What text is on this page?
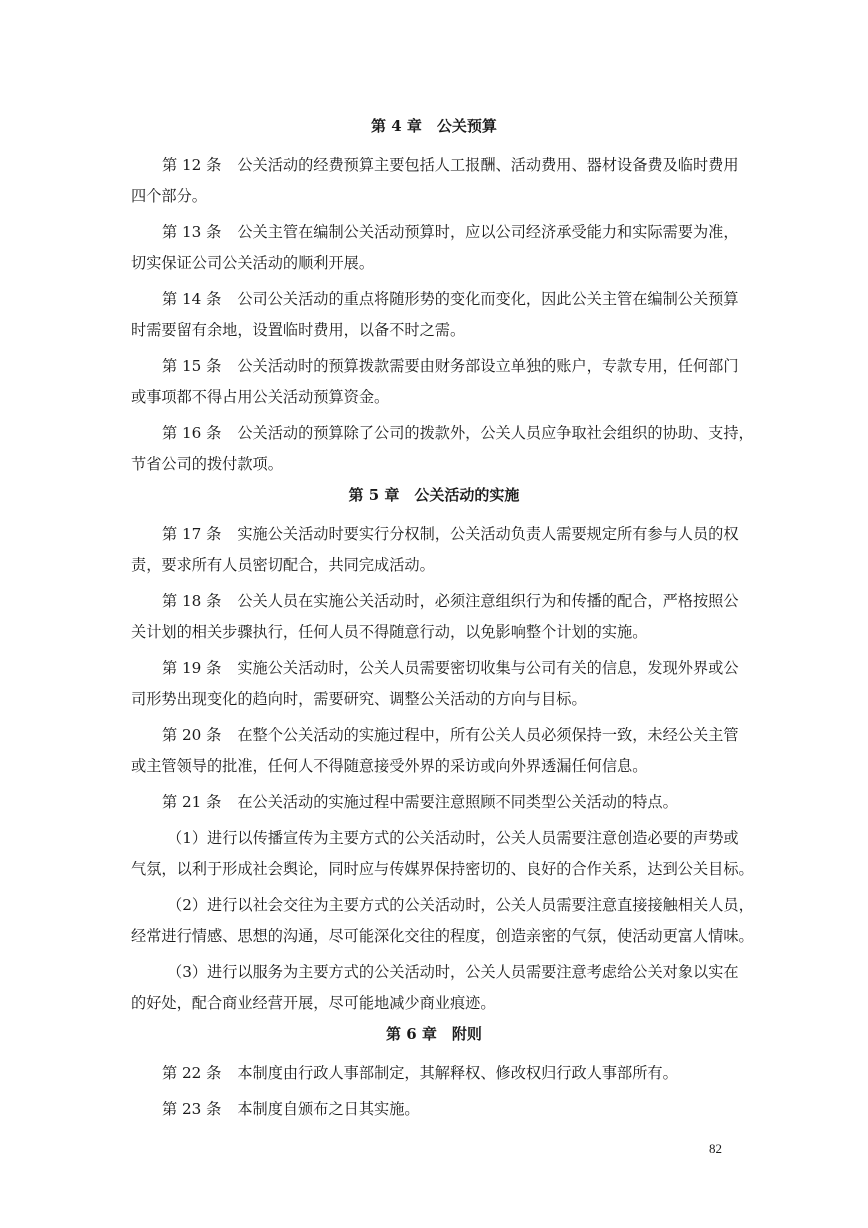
第 4 章　公关预算

第 12 条 公关活动的经费预算主要包括人工报酬、活动费用、器材设备费及临时费用
四个部分。

第 13 条 公关主管在编制公关活动预算时，应以公司经济承受能力和实际需要为准，
切实保证公司公关活动的顺利开展。

第 14 条 公司公关活动的重点将随形势的变化而变化，因此公关主管在编制公关预算
时需要留有余地，设置临时费用，以备不时之需。

第 15 条 公关活动时的预算拨款需要由财务部设立单独的账户，专款专用，任何部门
或事项都不得占用公关活动预算资金。

第 16 条 公关活动的预算除了公司的拨款外，公关人员应争取社会组织的协助、支持，
节省公司的拨付款项。

第 5 章　公关活动的实施

第 17 条 实施公关活动时要实行分权制，公关活动负责人需要规定所有参与人员的权
责，要求所有人员密切配合，共同完成活动。

第 18 条 公关人员在实施公关活动时，必须注意组织行为和传播的配合，严格按照公
关计划的相关步骤执行，任何人员不得随意行动，以免影响整个计划的实施。

第 19 条 实施公关活动时，公关人员需要密切收集与公司有关的信息，发现外界或公
司形势出现变化的趋向时，需要研究、调整公关活动的方向与目标。

第 20 条 在整个公关活动的实施过程中，所有公关人员必须保持一致，未经公关主管
或主管领导的批准，任何人不得随意接受外界的采访或向外界透漏任何信息。

第 21 条 在公关活动的实施过程中需要注意照顾不同类型公关活动的特点。

（1）进行以传播宣传为主要方式的公关活动时，公关人员需要注意创造必要的声势或
气氛，以利于形成社会舆论，同时应与传媒界保持密切的、良好的合作关系，达到公关目标。

（2）进行以社会交往为主要方式的公关活动时，公关人员需要注意直接接触相关人员，
经常进行情感、思想的沟通，尽可能深化交往的程度，创造亲密的气氛，使活动更富人情味。

（3）进行以服务为主要方式的公关活动时，公关人员需要注意考虑给公关对象以实在
的好处，配合商业经营开展，尽可能地减少商业痕迹。

第 6 章　附则

第 22 条 本制度由行政人事部制定，其解释权、修改权归行政人事部所有。

第 23 条 本制度自颁布之日其实施。

82
